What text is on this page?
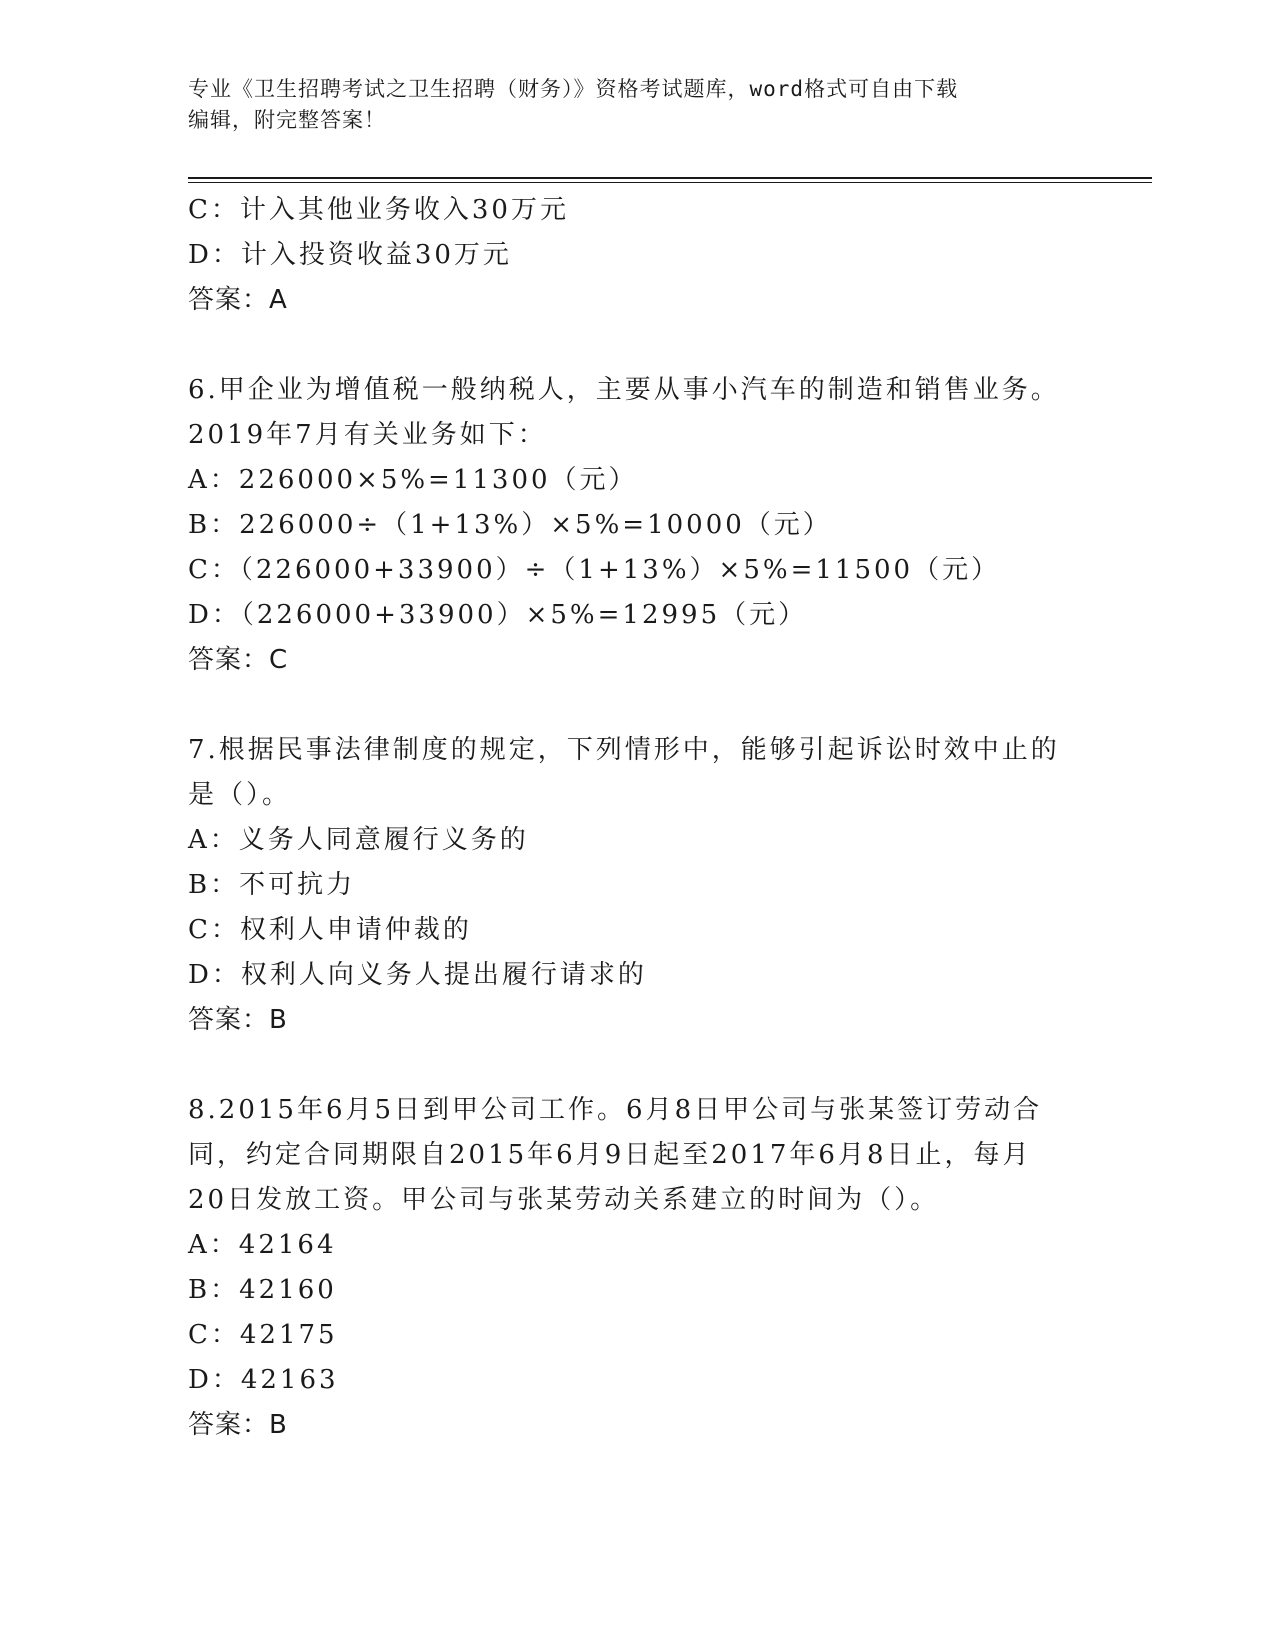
专业《卫生招聘考试之卫生招聘（财务）》资格考试题库，word格式可自由下载
编辑，附完整答案！
C：计入其他业务收入30万元
D：计入投资收益30万元
答案：A
6.甲企业为增值税一般纳税人，主要从事小汽车的制造和销售业务。
2019年7月有关业务如下：
A：226000×5%=11300（元）
B：226000÷（1+13%）×5%=10000（元）
C：（226000+33900）÷（1+13%）×5%=11500（元）
D：（226000+33900）×5%=12995（元）
答案：C
7.根据民事法律制度的规定，下列情形中，能够引起诉讼时效中止的
是（）。
A：义务人同意履行义务的
B：不可抗力
C：权利人申请仲裁的
D：权利人向义务人提出履行请求的
答案：B
8.2015年6月5日到甲公司工作。6月8日甲公司与张某签订劳动合
同，约定合同期限自2015年6月9日起至2017年6月8日止，每月
20日发放工资。甲公司与张某劳动关系建立的时间为（）。
A：42164
B：42160
C：42175
D：42163
答案：B
